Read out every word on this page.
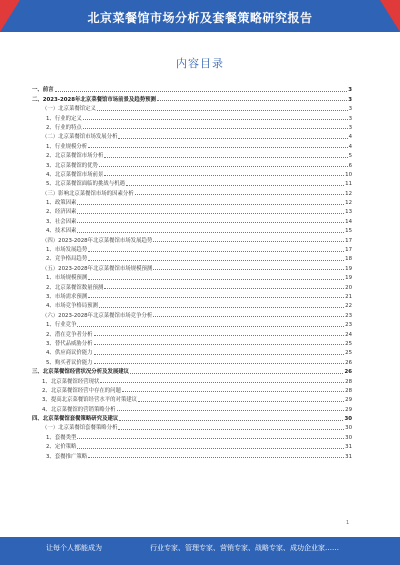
北京菜餐馆市场分析及套餐策略研究报告
内容目录
一、前言	3
二、2023-2028年北京菜餐馆市场前景及趋势预测	3
（一）北京菜餐馆定义	3
1、行业的定义	3
2、行业的特点	3
（二）北京菜餐馆市场发展分析	4
1、行业规模分析	4
2、北京菜餐馆市场分析	5
3、北京菜餐馆的优势	6
4、北京菜餐馆市场前景	10
5、北京菜餐馆面临的挑战与机遇	11
（三）影响北京菜餐馆市场的因素分析	12
1、政策因素	12
2、经济因素	13
3、社会因素	14
4、技术因素	15
（四）2023-2028年北京菜餐馆市场发展趋势	17
1、市场发展趋势	17
2、竞争格局趋势	18
（五）2023-2028年北京菜餐馆市场规模预测	19
1、市场规模预测	19
2、北京菜餐馆数量预测	20
3、市场需求预测	21
4、市场竞争格局预测	22
（六）2023-2028年北京菜餐馆市场竞争分析	23
1、行业竞争	23
2、潜在竞争者分析	24
3、替代品威胁分析	25
4、供应商议价能力	25
5、购买者议价能力	26
三、北京菜餐馆经营状况分析及发展建议	26
1、北京菜餐馆经营现状	28
2、北京菜餐馆经营中存在的问题	28
3、提高北京菜餐馆经营水平的对策建议	29
4、北京菜餐馆的营销策略分析	29
四、北京菜餐馆套餐策略研究及建议	30
（一）北京菜餐馆套餐策略分析	30
1、套餐类型	30
2、定价策略	31
3、套餐推广策略	31
1
让每个人都能成为	行业专家、管理专家、营销专家、战略专家、成功企业家……
